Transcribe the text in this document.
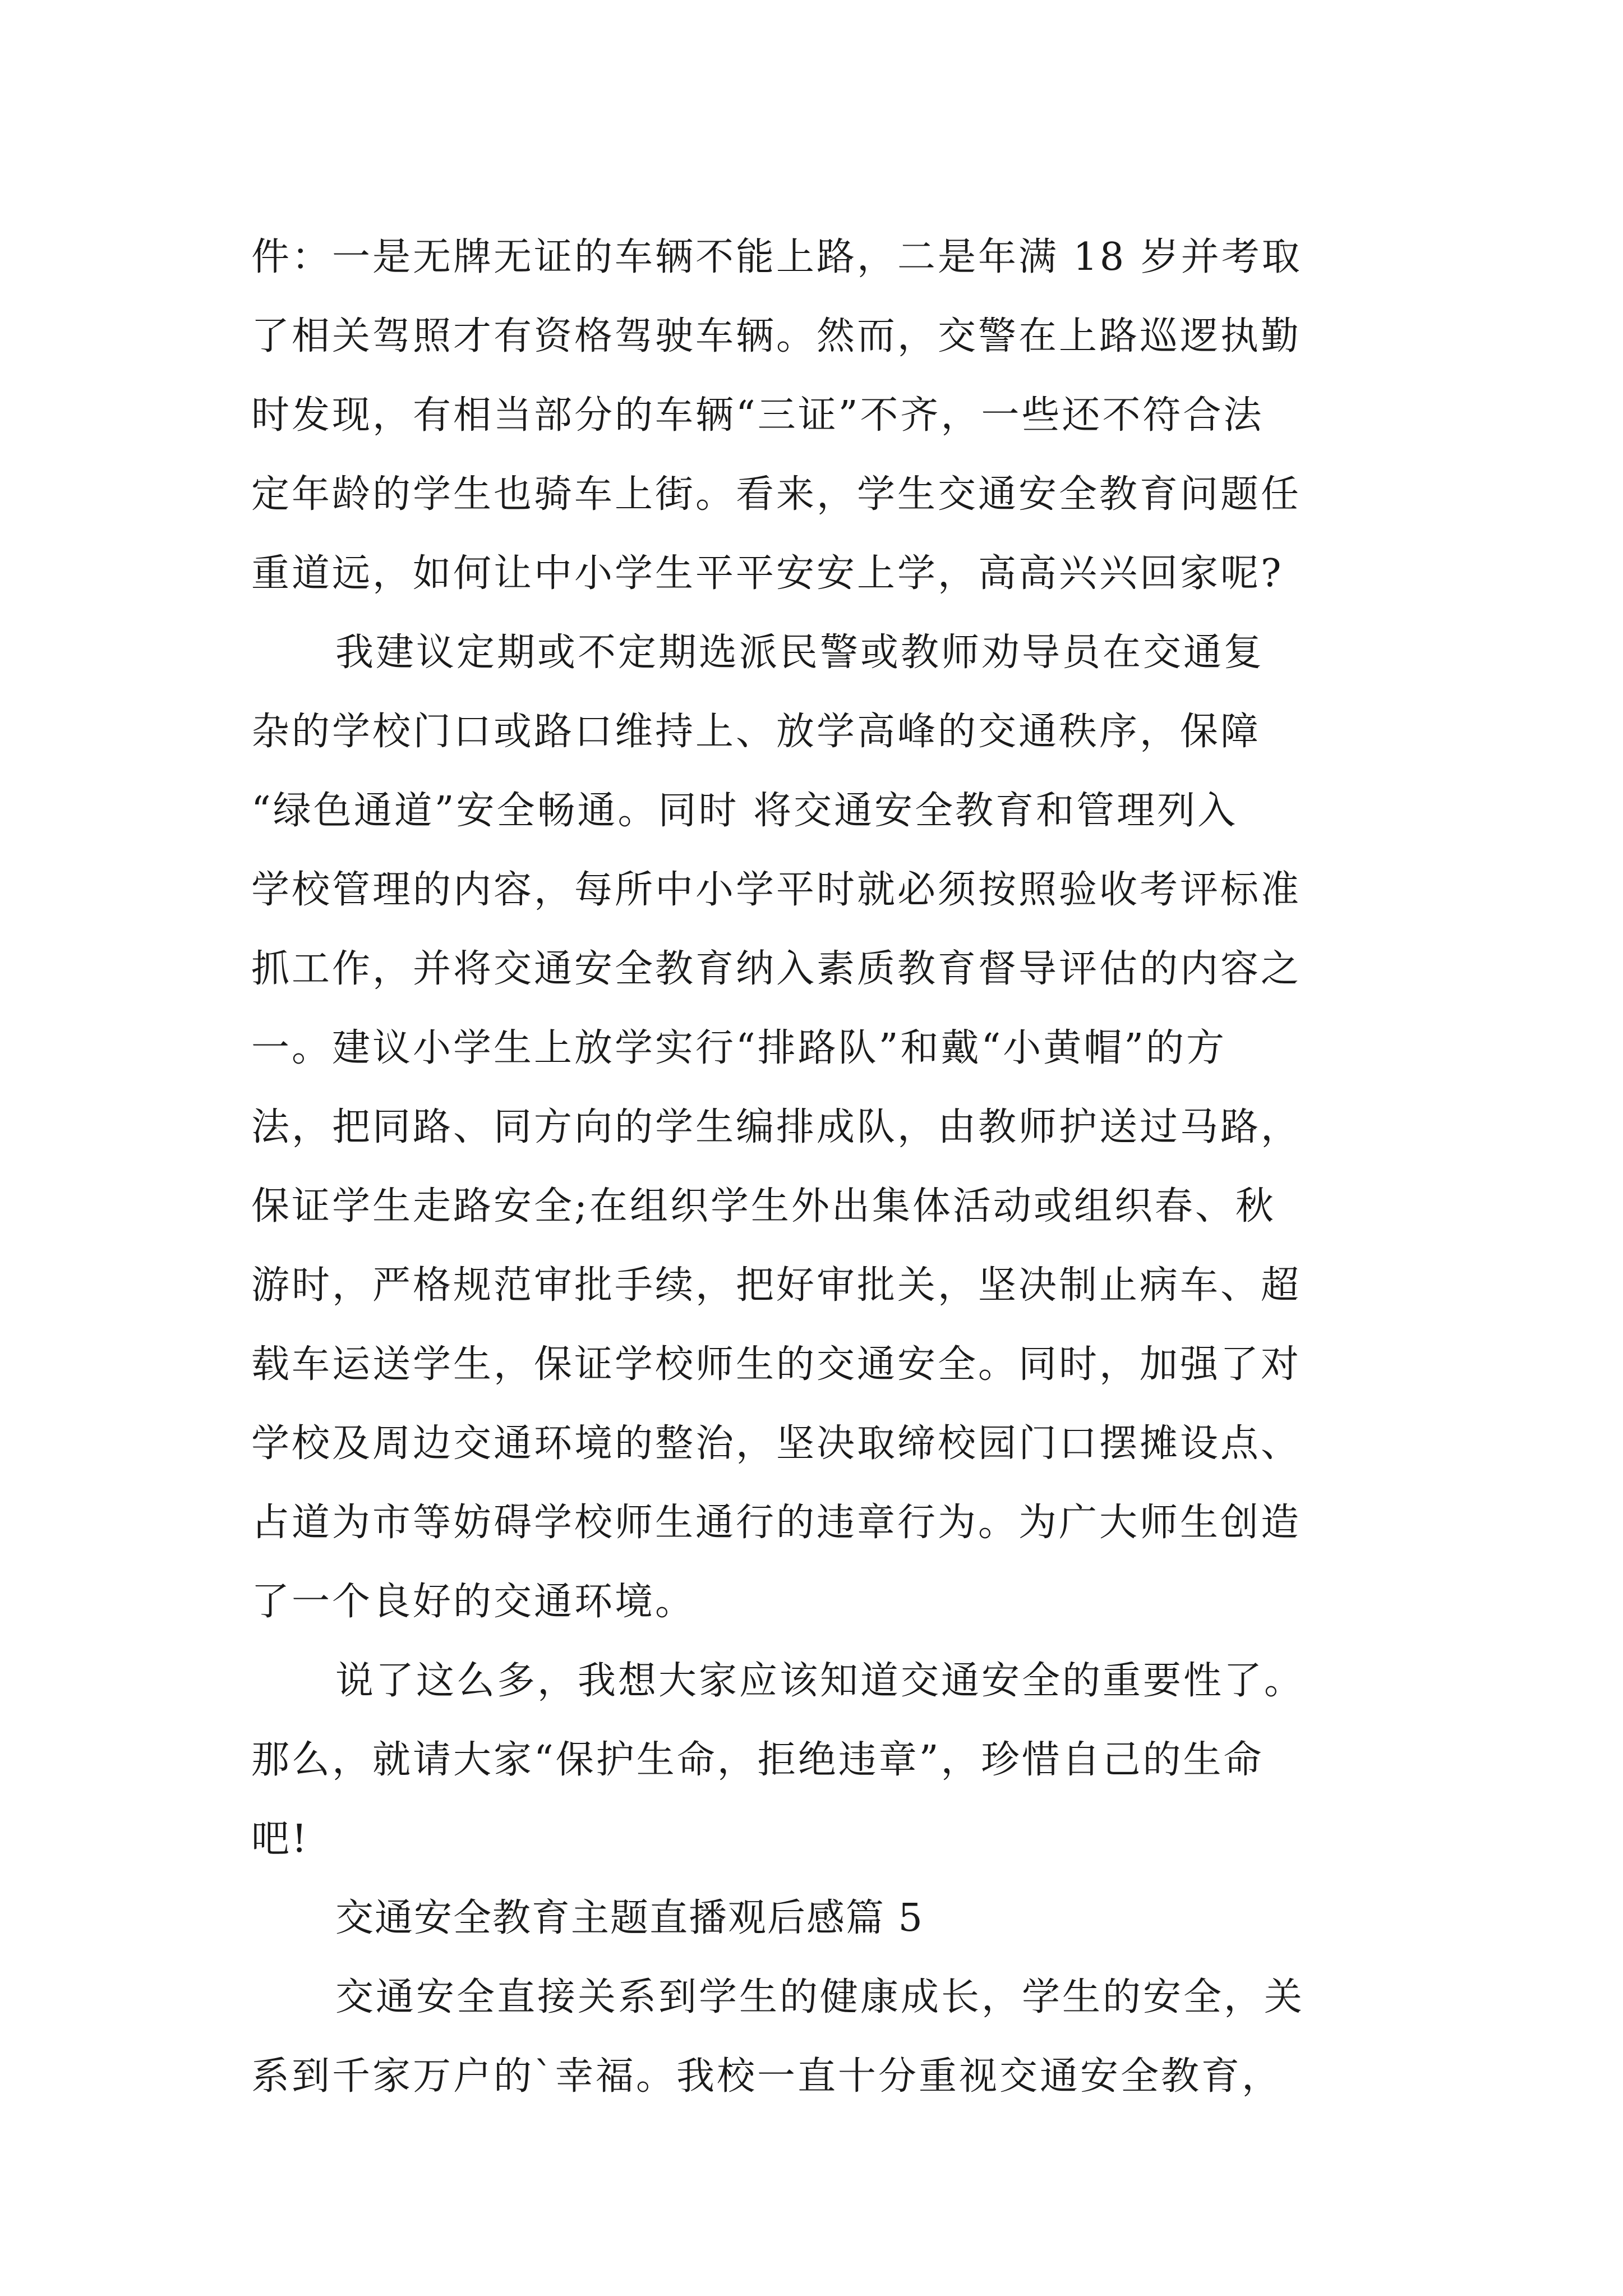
件：一是无牌无证的车辆不能上路，二是年满 18 岁并考取
了相关驾照才有资格驾驶车辆。然而，交警在上路巡逻执勤
时发现，有相当部分的车辆“三证”不齐，一些还不符合法
定年龄的学生也骑车上街。看来，学生交通安全教育问题任
重道远，如何让中小学生平平安安上学，高高兴兴回家呢?
我建议定期或不定期选派民警或教师劝导员在交通复
杂的学校门口或路口维持上、放学高峰的交通秩序，保障
“绿色通道”安全畅通。同时 将交通安全教育和管理列入
学校管理的内容，每所中小学平时就必须按照验收考评标准
抓工作，并将交通安全教育纳入素质教育督导评估的内容之
一。建议小学生上放学实行“排路队”和戴“小黄帽”的方
法，把同路、同方向的学生编排成队，由教师护送过马路，
保证学生走路安全;在组织学生外出集体活动或组织春、秋
游时，严格规范审批手续，把好审批关，坚决制止病车、超
载车运送学生，保证学校师生的交通安全。同时，加强了对
学校及周边交通环境的整治，坚决取缔校园门口摆摊设点、
占道为市等妨碍学校师生通行的违章行为。为广大师生创造
了一个良好的交通环境。
说了这么多，我想大家应该知道交通安全的重要性了。
那么，就请大家“保护生命，拒绝违章”，珍惜自己的生命
吧!
交通安全教育主题直播观后感篇 5
交通安全直接关系到学生的健康成长，学生的安全，关
系到千家万户的`幸福。我校一直十分重视交通安全教育，
